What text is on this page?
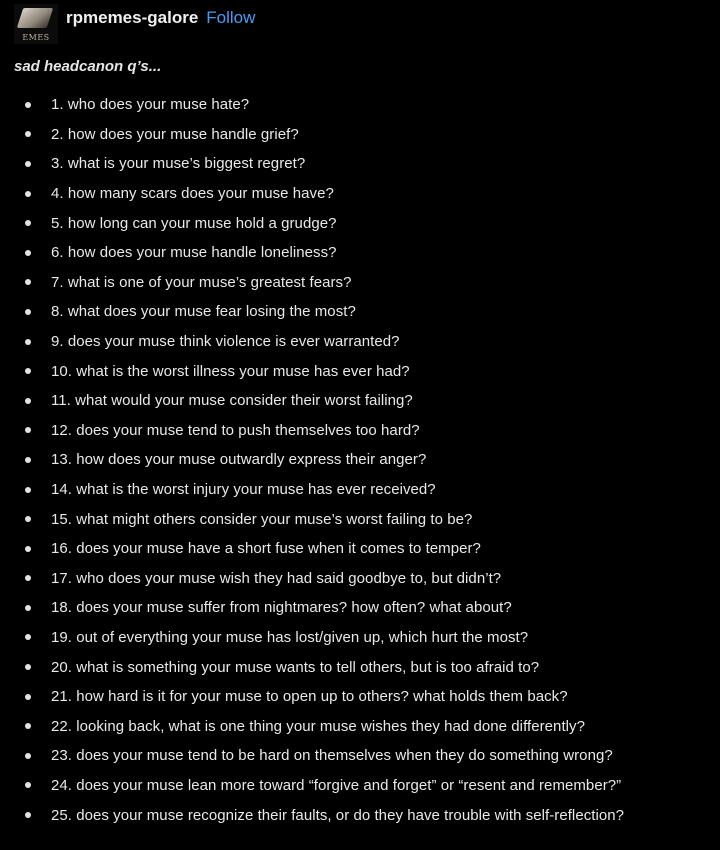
EMES
rpmemes-galore Follow
sad headcanon q’s...
1. who does your muse hate?
2. how does your muse handle grief?
3. what is your muse’s biggest regret?
4. how many scars does your muse have?
5. how long can your muse hold a grudge?
6. how does your muse handle loneliness?
7. what is one of your muse’s greatest fears?
8. what does your muse fear losing the most?
9. does your muse think violence is ever warranted?
10. what is the worst illness your muse has ever had?
11. what would your muse consider their worst failing?
12. does your muse tend to push themselves too hard?
13. how does your muse outwardly express their anger?
14. what is the worst injury your muse has ever received?
15. what might others consider your muse’s worst failing to be?
16. does your muse have a short fuse when it comes to temper?
17. who does your muse wish they had said goodbye to, but didn’t?
18. does your muse suffer from nightmares? how often? what about?
19. out of everything your muse has lost/given up, which hurt the most?
20. what is something your muse wants to tell others, but is too afraid to?
21. how hard is it for your muse to open up to others? what holds them back?
22. looking back, what is one thing your muse wishes they had done differently?
23. does your muse tend to be hard on themselves when they do something wrong?
24. does your muse lean more toward “forgive and forget” or “resent and remember?”
25. does your muse recognize their faults, or do they have trouble with self-reflection?
